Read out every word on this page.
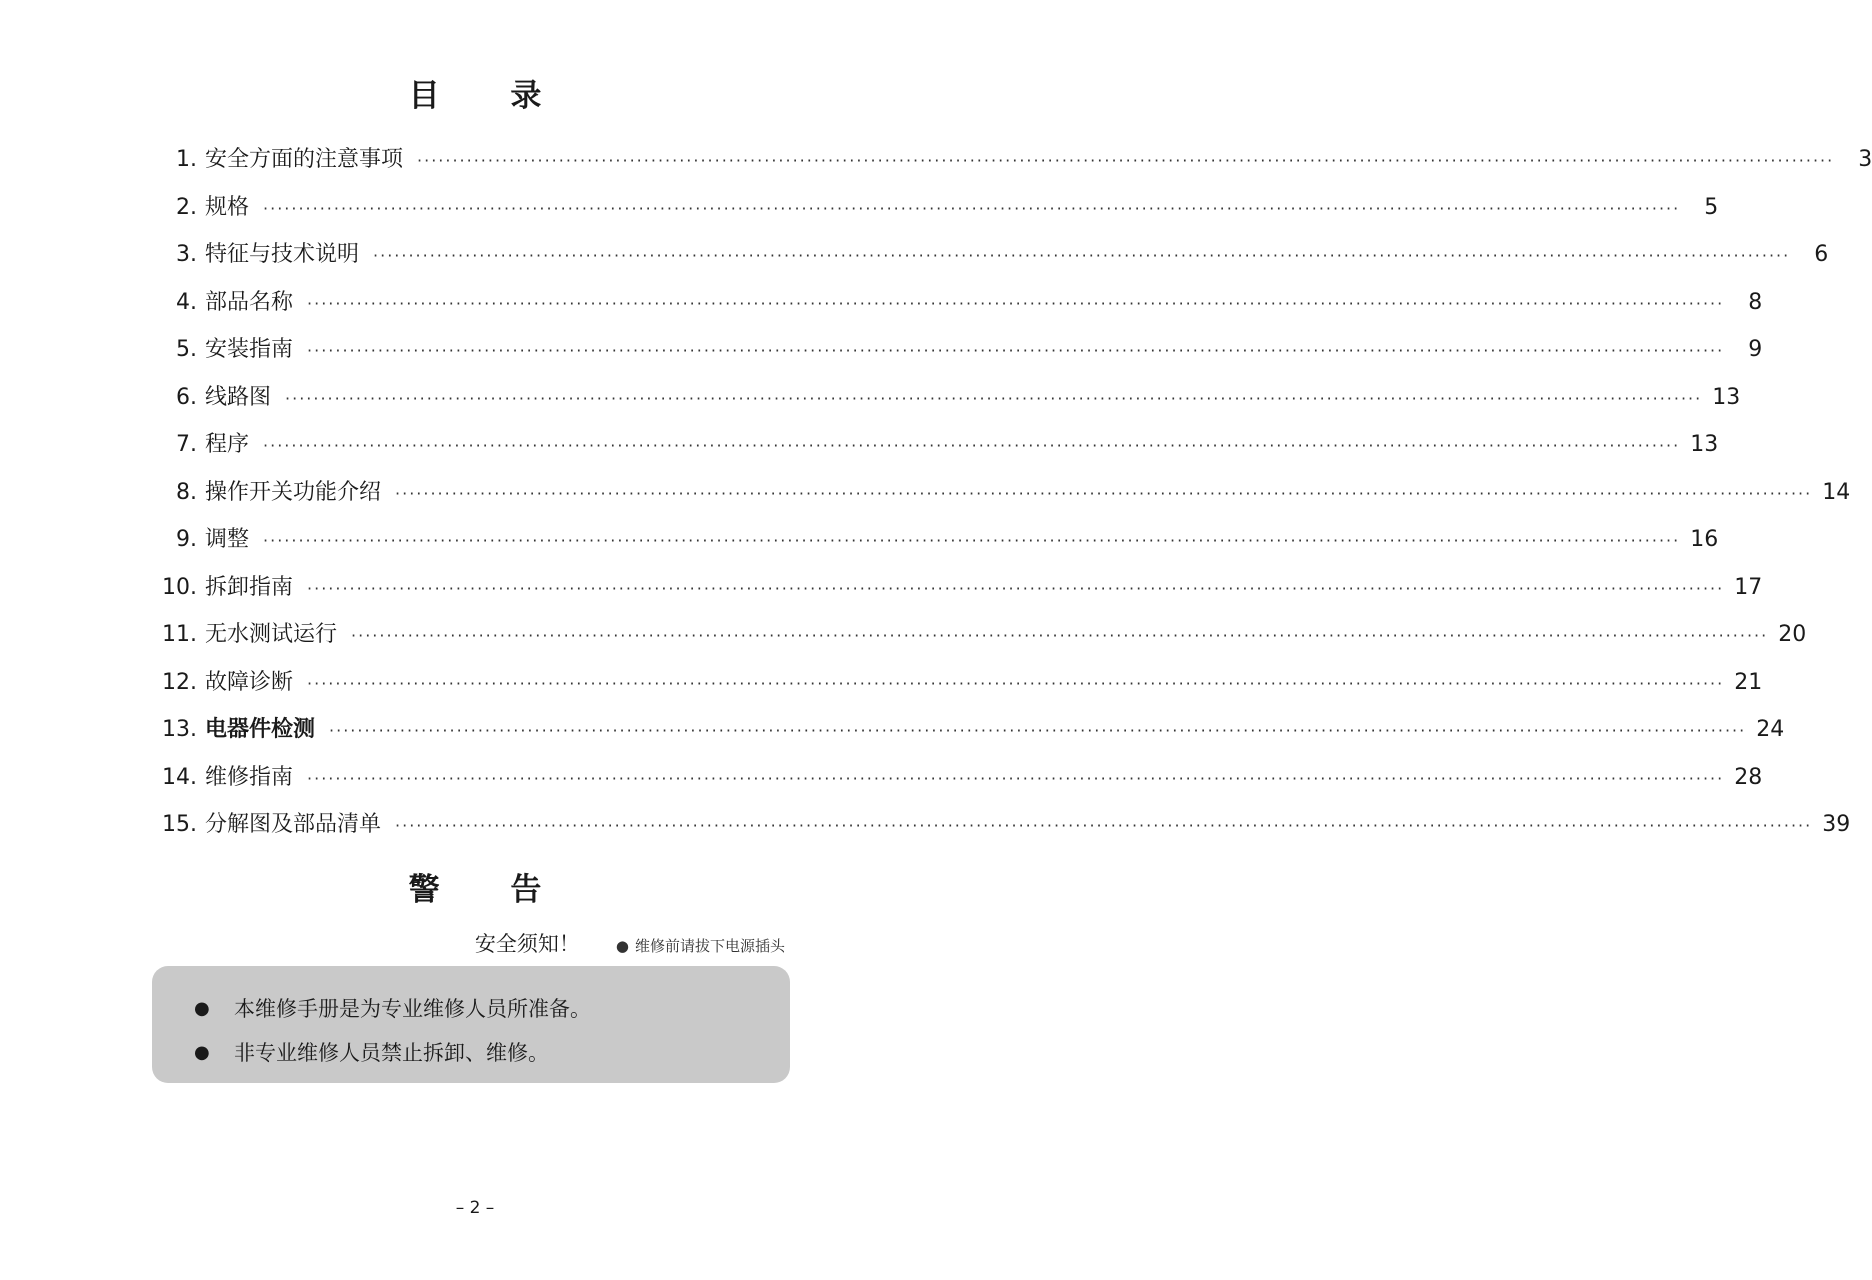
目 录
1. 安全方面的注意事项 ········································································································································································································	3
2. 规格 ········································································································································································································	5
3. 特征与技术说明 ········································································································································································································	6
4. 部品名称 ········································································································································································································	8
5. 安装指南 ········································································································································································································	9
6. 线路图 ········································································································································································································ 13
7. 程序 ········································································································································································································ 13
8. 操作开关功能介绍 ········································································································································································································ 14
9. 调整 ········································································································································································································ 16
10. 拆卸指南 ········································································································································································································ 17
11. 无水测试运行 ········································································································································································································ 20
12. 故障诊断 ········································································································································································································ 21
13. 电器件检测 ········································································································································································································ 24
14. 维修指南 ········································································································································································································ 28
15. 分解图及部品清单 ········································································································································································································ 39
警 告
安全须知！ ● 维修前请拔下电源插头
●	本维修手册是为专业维修人员所准备。
●	非专业维修人员禁止拆卸、维修。
– 2 –
